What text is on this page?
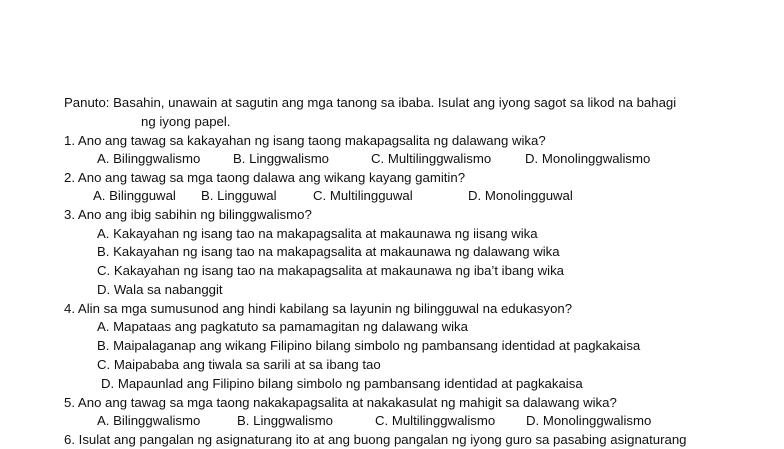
Panuto: Basahin, unawain at sagutin ang mga tanong sa ibaba. Isulat ang iyong sagot sa likod na bahagi
ng iyong papel.
1. Ano ang tawag sa kakayahan ng isang taong makapagsalita ng dalawang wika?
A. Bilinggwalismo B. Linggwalismo	C. Multilinggwalismo	D. Monolinggwalismo
2. Ano ang tawag sa mga taong dalawa ang wikang kayang gamitin?
A. Bilingguwal B. Lingguwal	C. Multilingguwal	D. Monolingguwal
3. Ano ang ibig sabihin ng bilinggwalismo?
A. Kakayahan ng isang tao na makapagsalita at makaunawa ng iisang wika
B. Kakayahan ng isang tao na makapagsalita at makaunawa ng dalawang wika
C. Kakayahan ng isang tao na makapagsalita at makaunawa ng iba’t ibang wika
D. Wala sa nabanggit
4. Alin sa mga sumusunod ang hindi kabilang sa layunin ng bilingguwal na edukasyon?
A. Mapataas ang pagkatuto sa pamamagitan ng dalawang wika
B. Maipalaganap ang wikang Filipino bilang simbolo ng pambansang identidad at pagkakaisa
C. Maipababa ang tiwala sa sarili at sa ibang tao
D. Mapaunlad ang Filipino bilang simbolo ng pambansang identidad at pagkakaisa
5. Ano ang tawag sa mga taong nakakapagsalita at nakakasulat ng mahigit sa dalawang wika?
A. Bilinggwalismo	B. Linggwalismo	C. Multilinggwalismo D. Monolinggwalismo
6. Isulat ang pangalan ng asignaturang ito at ang buong pangalan ng iyong guro sa pasabing asignaturang
